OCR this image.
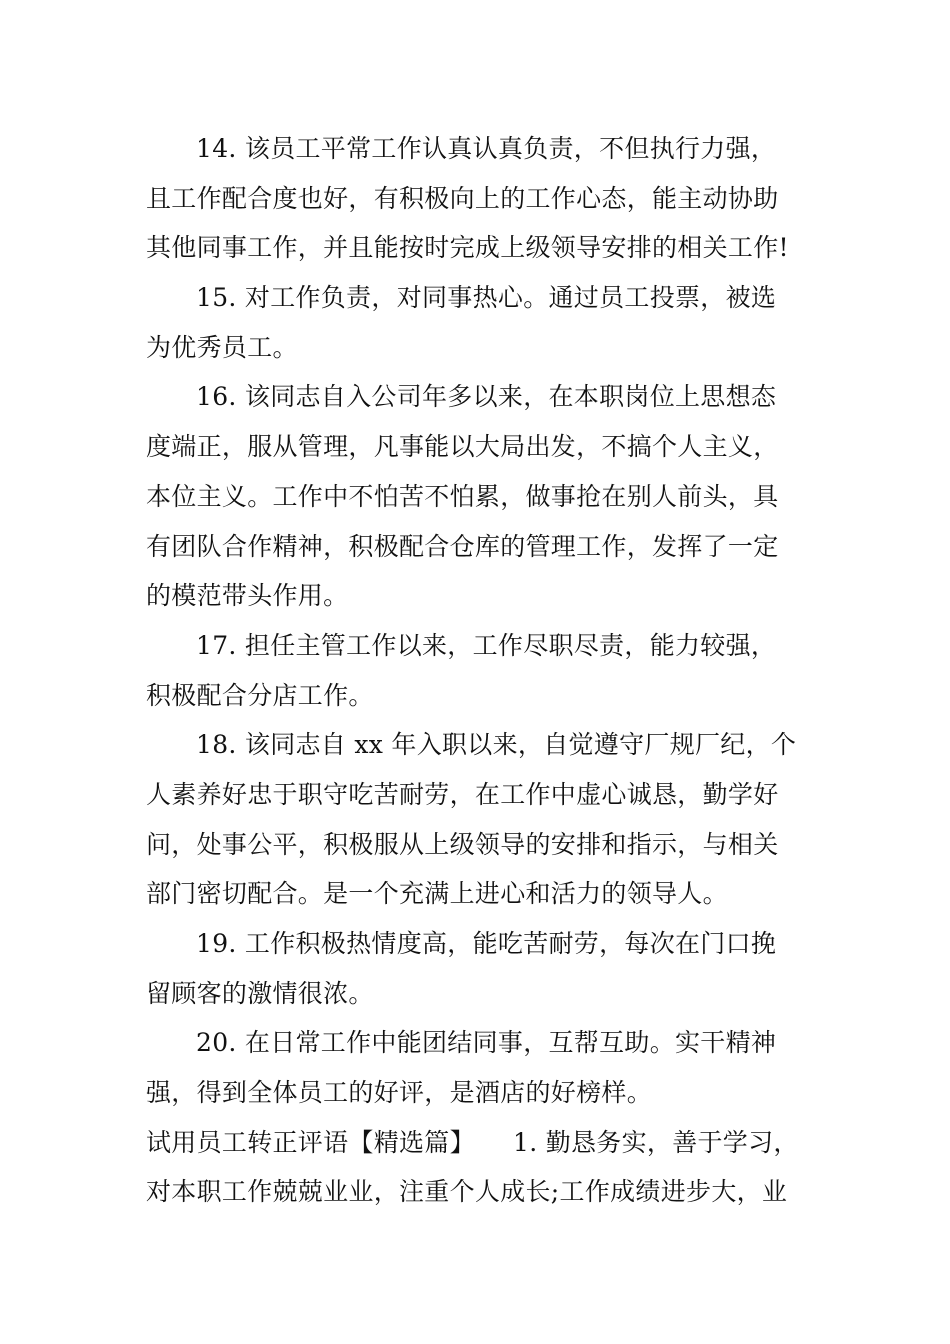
14. 该员工平常工作认真认真负责，不但执行力强，
且工作配合度也好，有积极向上的工作心态，能主动协助
其他同事工作，并且能按时完成上级领导安排的相关工作!
15. 对工作负责，对同事热心。通过员工投票，被选
为优秀员工。
16. 该同志自入公司年多以来，在本职岗位上思想态
度端正，服从管理，凡事能以大局出发，不搞个人主义，
本位主义。工作中不怕苦不怕累，做事抢在别人前头，具
有团队合作精神，积极配合仓库的管理工作，发挥了一定
的模范带头作用。
17. 担任主管工作以来，工作尽职尽责，能力较强，
积极配合分店工作。
18. 该同志自 xx 年入职以来，自觉遵守厂规厂纪，个
人素养好忠于职守吃苦耐劳，在工作中虚心诚恳，勤学好
问，处事公平，积极服从上级领导的安排和指示，与相关
部门密切配合。是一个充满上进心和活力的领导人。
19. 工作积极热情度高，能吃苦耐劳，每次在门口挽
留顾客的激情很浓。
20. 在日常工作中能团结同事，互帮互助。实干精神
强，得到全体员工的好评，是酒店的好榜样。
试用员工转正评语【精选篇】　　1. 勤恳务实，善于学习，
对本职工作兢兢业业，注重个人成长;工作成绩进步大，业
